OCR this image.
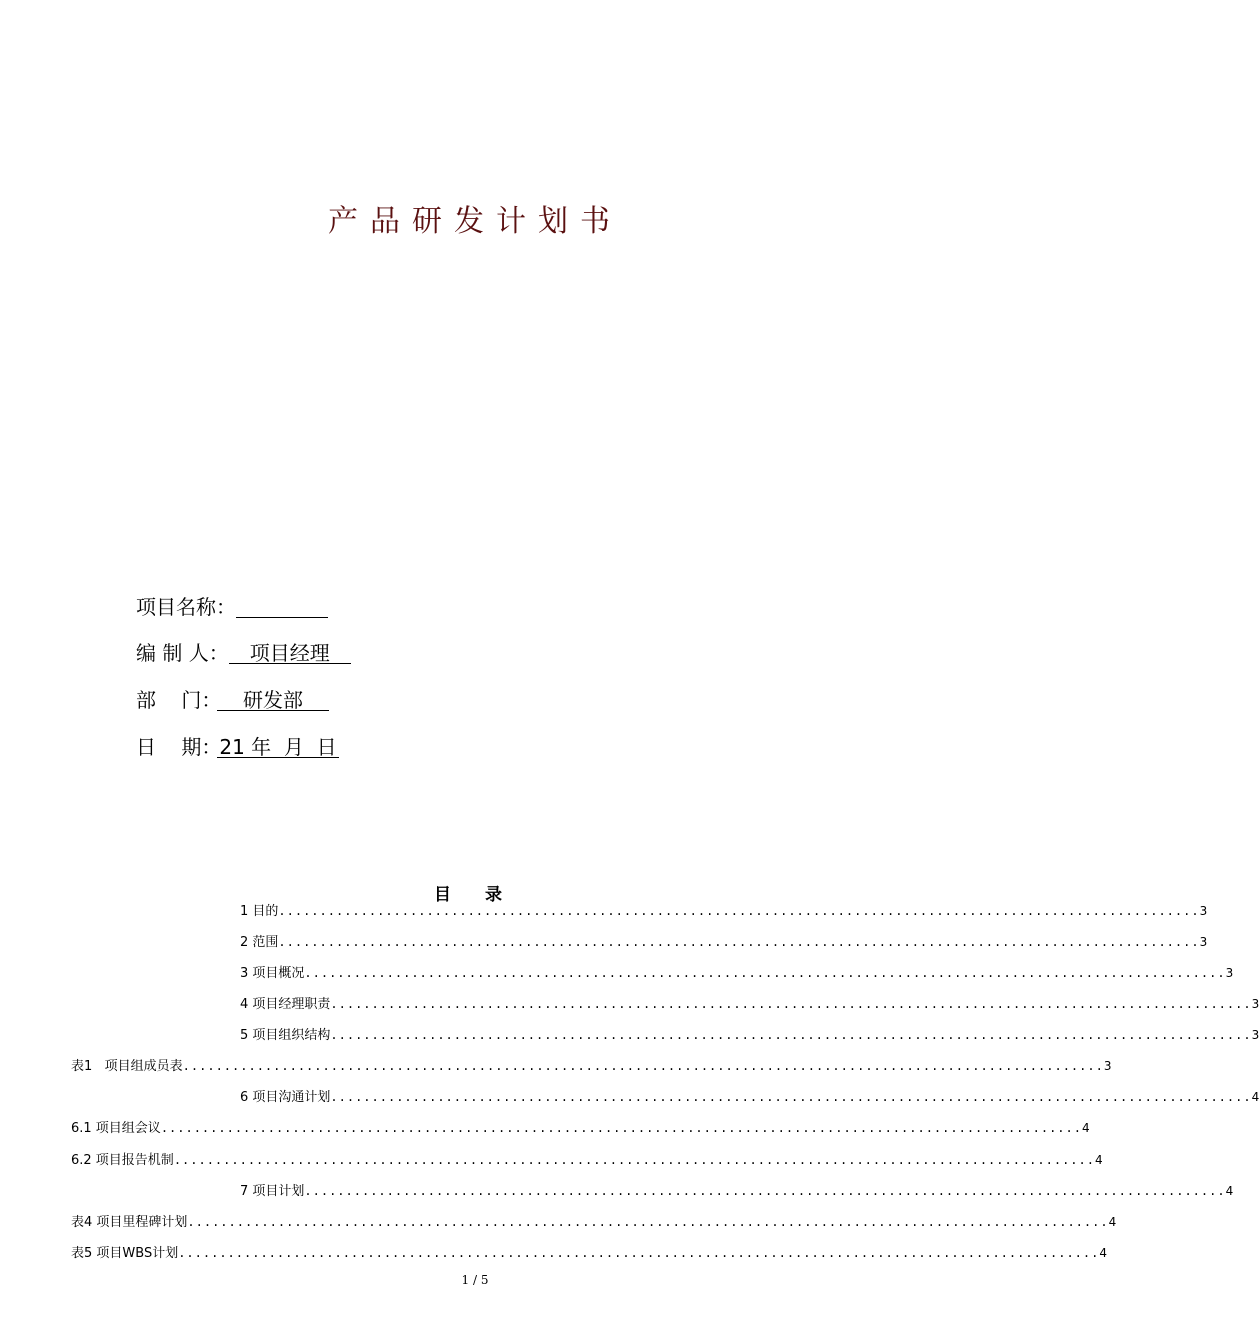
产品研发计划书
项目名称：
编 制 人： 项目经理
部    门： 研发部
日    期：21 年  月  日
目 录
1 目的 ................................................................................................................ 3
2 范围 ................................................................................................................ 3
3 项目概况 ................................................................................................................ 3
4 项目经理职责 ................................................................................................................ 3
5 项目组织结构 ................................................................................................................ 3
表1   项目组成员表 ................................................................................................................ 3
6 项目沟通计划 ................................................................................................................ 4
6.1 项目组会议 ................................................................................................................ 4
6.2 项目报告机制 ................................................................................................................ 4
7 项目计划 ................................................................................................................ 4
表4 项目里程碑计划 ................................................................................................................ 4
表5 项目WBS计划 ................................................................................................................ 4
1 / 5
